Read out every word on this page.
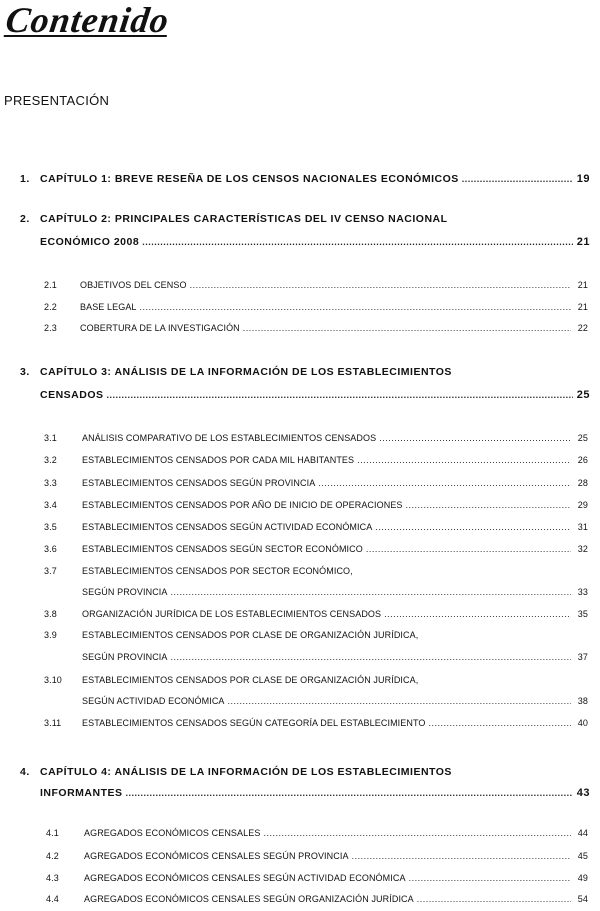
Contenido
PRESENTACIÓN
1. CAPÍTULO 1: BREVE RESEÑA DE LOS CENSOS NACIONALES ECONÓMICOS .....	19
2. CAPÍTULO 2: PRINCIPALES CARACTERÍSTICAS DEL IV CENSO NACIONAL
ECONÓMICO 2008 .....	21
2.1	OBJETIVOS DEL CENSO .....	21
2.2	BASE LEGAL .....	21
2.3	COBERTURA DE LA INVESTIGACIÓN .....	22
3. CAPÍTULO 3: ANÁLISIS DE LA INFORMACIÓN DE LOS ESTABLECIMIENTOS
CENSADOS .....	25
3.1	ANÁLISIS COMPARATIVO DE LOS ESTABLECIMIENTOS CENSADOS .....	25
3.2	ESTABLECIMIENTOS CENSADOS POR CADA MIL HABITANTES .....	26
3.3	ESTABLECIMIENTOS CENSADOS SEGÚN PROVINCIA .....	28
3.4	ESTABLECIMIENTOS CENSADOS POR AÑO DE INICIO DE OPERACIONES .....	29
3.5	ESTABLECIMIENTOS CENSADOS SEGÚN ACTIVIDAD ECONÓMICA .....	31
3.6	ESTABLECIMIENTOS CENSADOS SEGÚN SECTOR ECONÓMICO .....	32
3.7	ESTABLECIMIENTOS CENSADOS POR SECTOR ECONÓMICO,
SEGÚN PROVINCIA .....	33
3.8	ORGANIZACIÓN JURÍDICA DE LOS ESTABLECIMIENTOS CENSADOS .....	35
3.9	ESTABLECIMIENTOS CENSADOS POR CLASE DE ORGANIZACIÓN JURÍDICA,
SEGÚN PROVINCIA .....	37
3.10	ESTABLECIMIENTOS CENSADOS POR CLASE DE ORGANIZACIÓN JURÍDICA,
SEGÚN ACTIVIDAD ECONÓMICA .....	38
3.11	ESTABLECIMIENTOS CENSADOS SEGÚN CATEGORÍA DEL ESTABLECIMIENTO .....	40
4. CAPÍTULO 4: ANÁLISIS DE LA INFORMACIÓN DE LOS ESTABLECIMIENTOS
INFORMANTES .....	43
4.1	AGREGADOS ECONÓMICOS CENSALES .....	44
4.2	AGREGADOS ECONÓMICOS CENSALES SEGÚN PROVINCIA .....	45
4.3	AGREGADOS ECONÓMICOS CENSALES SEGÚN ACTIVIDAD ECONÓMICA .....	49
4.4	AGREGADOS ECONÓMICOS CENSALES SEGÚN ORGANIZACIÓN JURÍDICA .....	54
